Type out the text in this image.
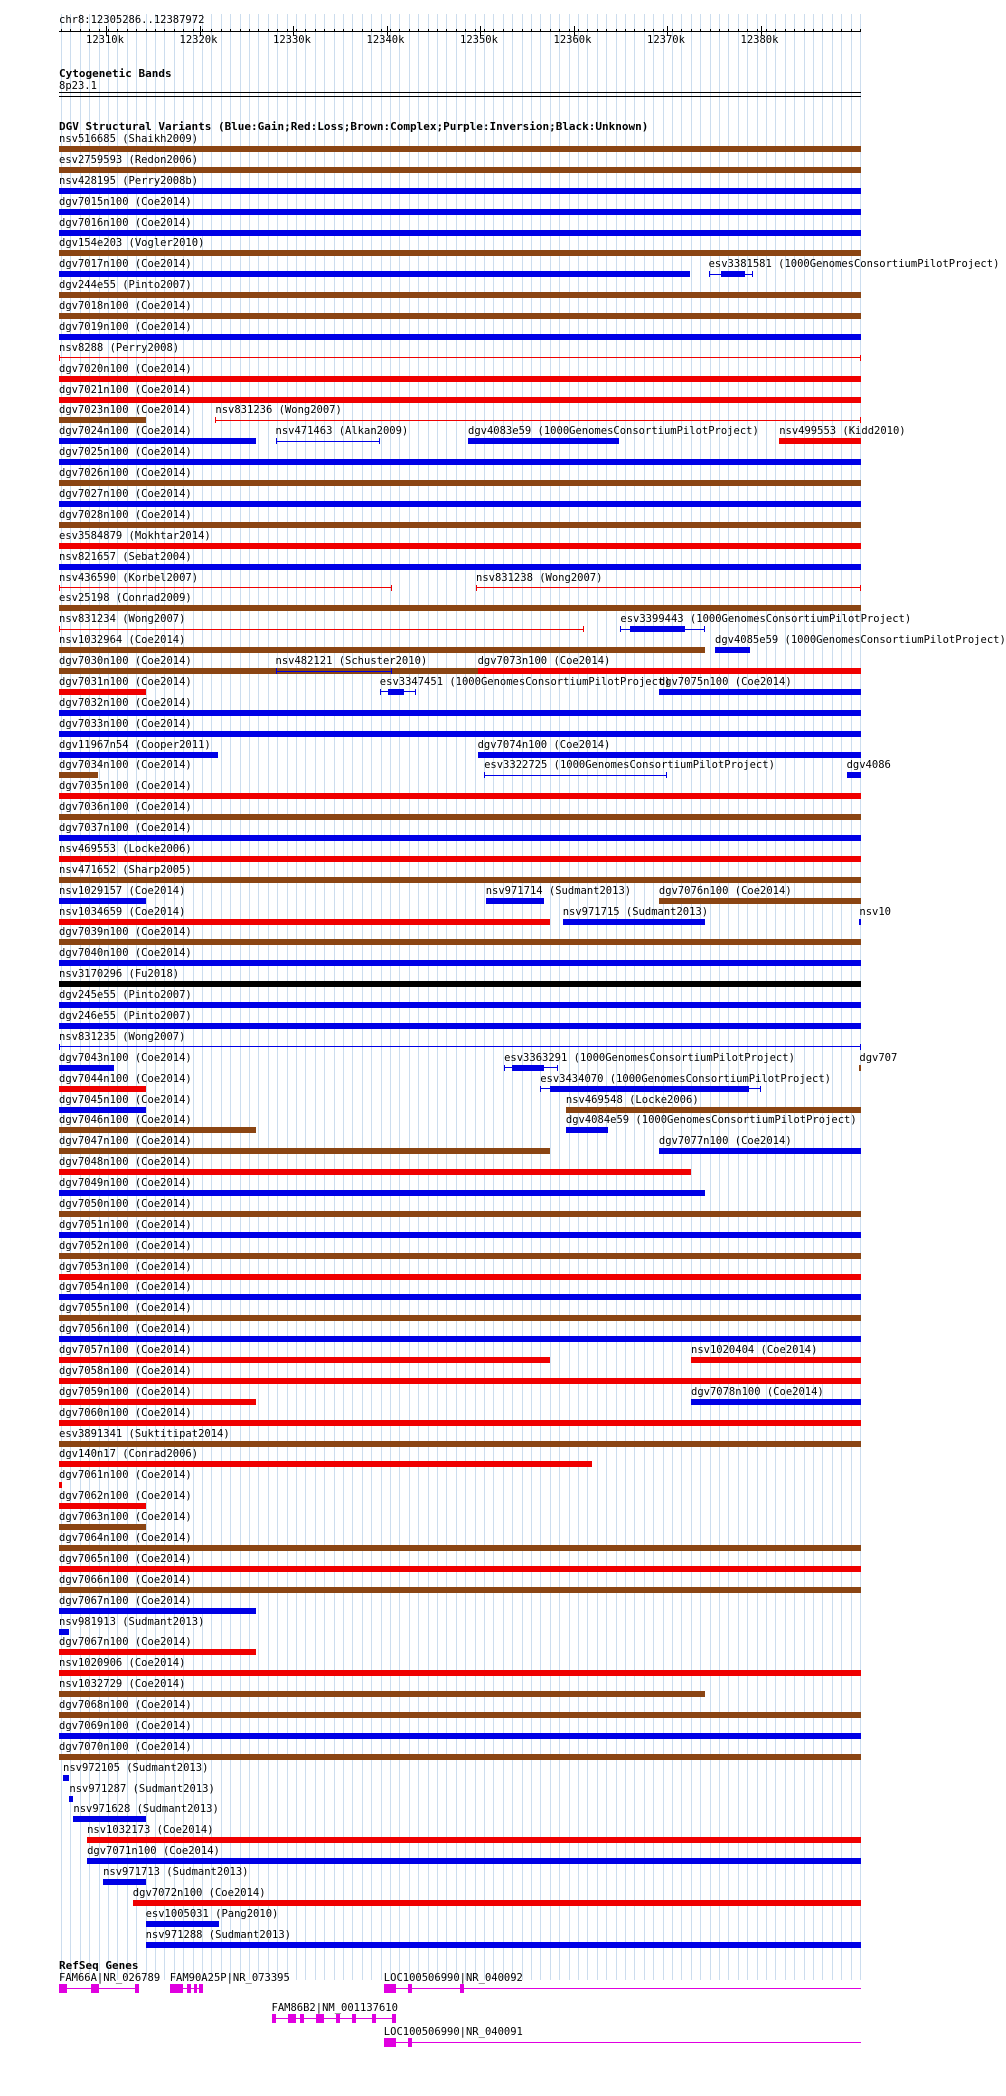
chr8:12305286..12387972
12310k	12320k	12330k	12340k	12350k	12360k	12370k	12380k
Cytogenetic Bands
8p23.1
DGV Structural Variants (Blue:Gain;Red:Loss;Brown:Complex;Purple:Inversion;Black:Unknown)
nsv516685 (Shaikh2009)
esv2759593 (Redon2006)
nsv428195 (Perry2008b)
dgv7015n100 (Coe2014)
dgv7016n100 (Coe2014)
dgv154e203 (Vogler2010)
dgv7017n100 (Coe2014)	esv3381581 (1000GenomesConsortiumPilotProject)
dgv244e55 (Pinto2007)
dgv7018n100 (Coe2014)
dgv7019n100 (Coe2014)
nsv8288 (Perry2008)
dgv7020n100 (Coe2014)
dgv7021n100 (Coe2014)
dgv7023n100 (Coe2014) nsv831236 (Wong2007)
dgv7024n100 (Coe2014)	nsv471463 (Alkan2009)	dgv4083e59 (1000GenomesConsortiumPilotProject) nsv499553 (Kidd2010)
dgv7025n100 (Coe2014)
dgv7026n100 (Coe2014)
dgv7027n100 (Coe2014)
dgv7028n100 (Coe2014)
esv3584879 (Mokhtar2014)
nsv821657 (Sebat2004)
nsv436590 (Korbel2007)	nsv831238 (Wong2007)
esv25198 (Conrad2009)
nsv831234 (Wong2007)	esv3399443 (1000GenomesConsortiumPilotProject)
nsv1032964 (Coe2014)	dgv4085e59 (1000GenomesConsortiumPilotProject)
dgv7030n100 (Coe2014)	nsv482121 (Schuster2010)	dgv7073n100 (Coe2014)
dgv7031n100 (Coe2014)	esv3347451 (1000GenomesConsortiumPilotProject)
dgv7075n100 (Coe2014)
dgv7032n100 (Coe2014)
dgv7033n100 (Coe2014)
dgv11967n54 (Cooper2011)	dgv7074n100 (Coe2014)
dgv7034n100 (Coe2014)	esv3322725 (1000GenomesConsortiumPilotProject)	dgv4086
dgv7035n100 (Coe2014)
dgv7036n100 (Coe2014)
dgv7037n100 (Coe2014)
nsv469553 (Locke2006)
nsv471652 (Sharp2005)
nsv1029157 (Coe2014)	nsv971714 (Sudmant2013)	dgv7076n100 (Coe2014)
nsv1034659 (Coe2014)	nsv971715 (Sudmant2013)	nsv10
dgv7039n100 (Coe2014)
dgv7040n100 (Coe2014)
nsv3170296 (Fu2018)
dgv245e55 (Pinto2007)
dgv246e55 (Pinto2007)
nsv831235 (Wong2007)
dgv7043n100 (Coe2014)	esv3363291 (1000GenomesConsortiumPilotProject)	dgv707
dgv7044n100 (Coe2014)	esv3434070 (1000GenomesConsortiumPilotProject)
dgv7045n100 (Coe2014)	nsv469548 (Locke2006)
dgv7046n100 (Coe2014)	dgv4084e59 (1000GenomesConsortiumPilotProject)
dgv7047n100 (Coe2014)	dgv7077n100 (Coe2014)
dgv7048n100 (Coe2014)
dgv7049n100 (Coe2014)
dgv7050n100 (Coe2014)
dgv7051n100 (Coe2014)
dgv7052n100 (Coe2014)
dgv7053n100 (Coe2014)
dgv7054n100 (Coe2014)
dgv7055n100 (Coe2014)
dgv7056n100 (Coe2014)
dgv7057n100 (Coe2014)	nsv1020404 (Coe2014)
dgv7058n100 (Coe2014)
dgv7059n100 (Coe2014)	dgv7078n100 (Coe2014)
dgv7060n100 (Coe2014)
esv3891341 (Suktitipat2014)
dgv140n17 (Conrad2006)
dgv7061n100 (Coe2014)
dgv7062n100 (Coe2014)
dgv7063n100 (Coe2014)
dgv7064n100 (Coe2014)
dgv7065n100 (Coe2014)
dgv7066n100 (Coe2014)
dgv7067n100 (Coe2014)
nsv981913 (Sudmant2013)
dgv7067n100 (Coe2014)
nsv1020906 (Coe2014)
nsv1032729 (Coe2014)
dgv7068n100 (Coe2014)
dgv7069n100 (Coe2014)
dgv7070n100 (Coe2014)
nsv972105 (Sudmant2013)
nsv971287 (Sudmant2013)
nsv971628 (Sudmant2013)
nsv1032173 (Coe2014)
dgv7071n100 (Coe2014)
nsv971713 (Sudmant2013)
dgv7072n100 (Coe2014)
esv1005031 (Pang2010)
nsv971288 (Sudmant2013)
RefSeq Genes
FAM66A|NR_026789 FAM90A25P|NR_073395
FAM86B2|NM_001137610
LOC100506990|NR_040092
LOC100506990|NR_040091
